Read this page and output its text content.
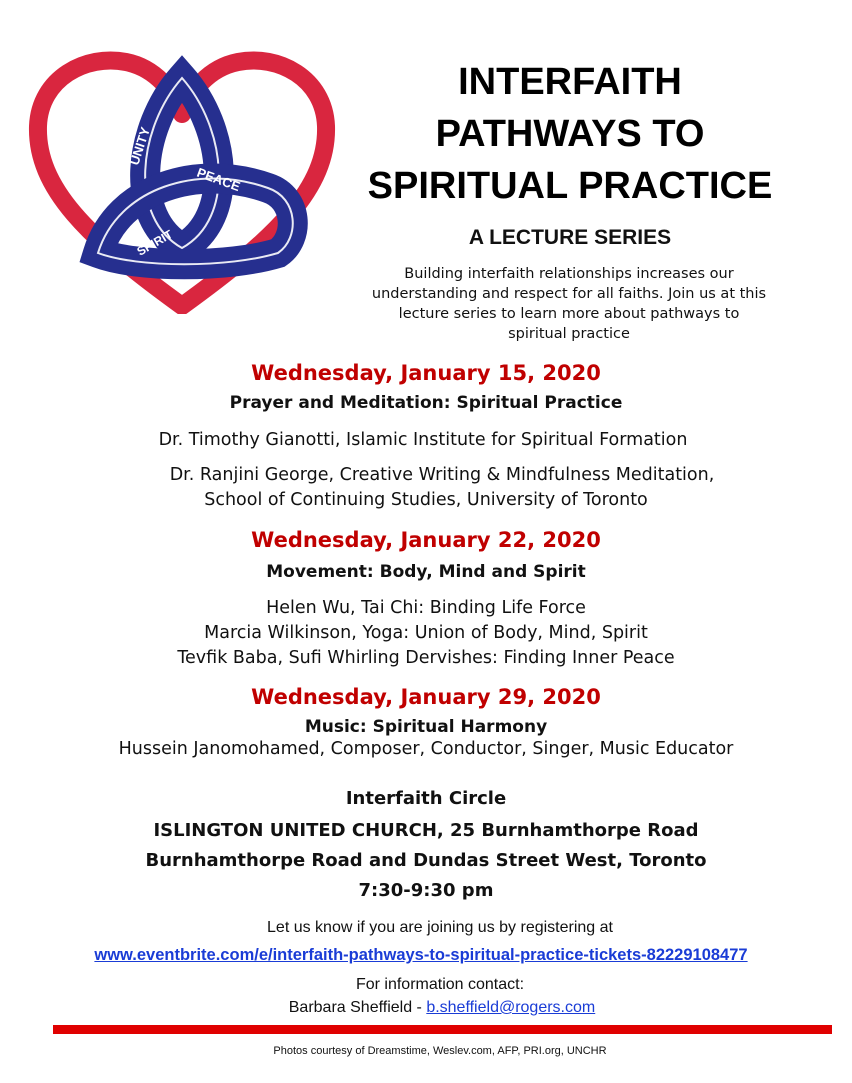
UNITY
PEACE
SPIRIT
INTERFAITH
PATHWAYS TO
SPIRITUAL PRACTICE
A LECTURE SERIES
Building interfaith relationships increases our
understanding and respect for all faiths. Join us at this
lecture series to learn more about pathways to
spiritual practice
Wednesday, January 15, 2020
Prayer and Meditation: Spiritual Practice
Dr. Timothy Gianotti, Islamic Institute for Spiritual Formation
Dr. Ranjini George, Creative Writing & Mindfulness Meditation,
School of Continuing Studies, University of Toronto
Wednesday, January 22, 2020
Movement: Body, Mind and Spirit
Helen Wu, Tai Chi: Binding Life Force
Marcia Wilkinson, Yoga: Union of Body, Mind, Spirit
Tevfik Baba, Sufi Whirling Dervishes: Finding Inner Peace
Wednesday, January 29, 2020
Music: Spiritual Harmony
Hussein Janomohamed, Composer, Conductor, Singer, Music Educator
Interfaith Circle
ISLINGTON UNITED CHURCH, 25 Burnhamthorpe Road
Burnhamthorpe Road and Dundas Street West, Toronto
7:30-9:30 pm
Let us know if you are joining us by registering at
www.eventbrite.com/e/interfaith-pathways-to-spiritual-practice-tickets-82229108477
For information contact:
Barbara Sheffield - b.sheffield@rogers.com
Photos courtesy of Dreamstime, Weslev.com, AFP, PRI.org, UNCHR
